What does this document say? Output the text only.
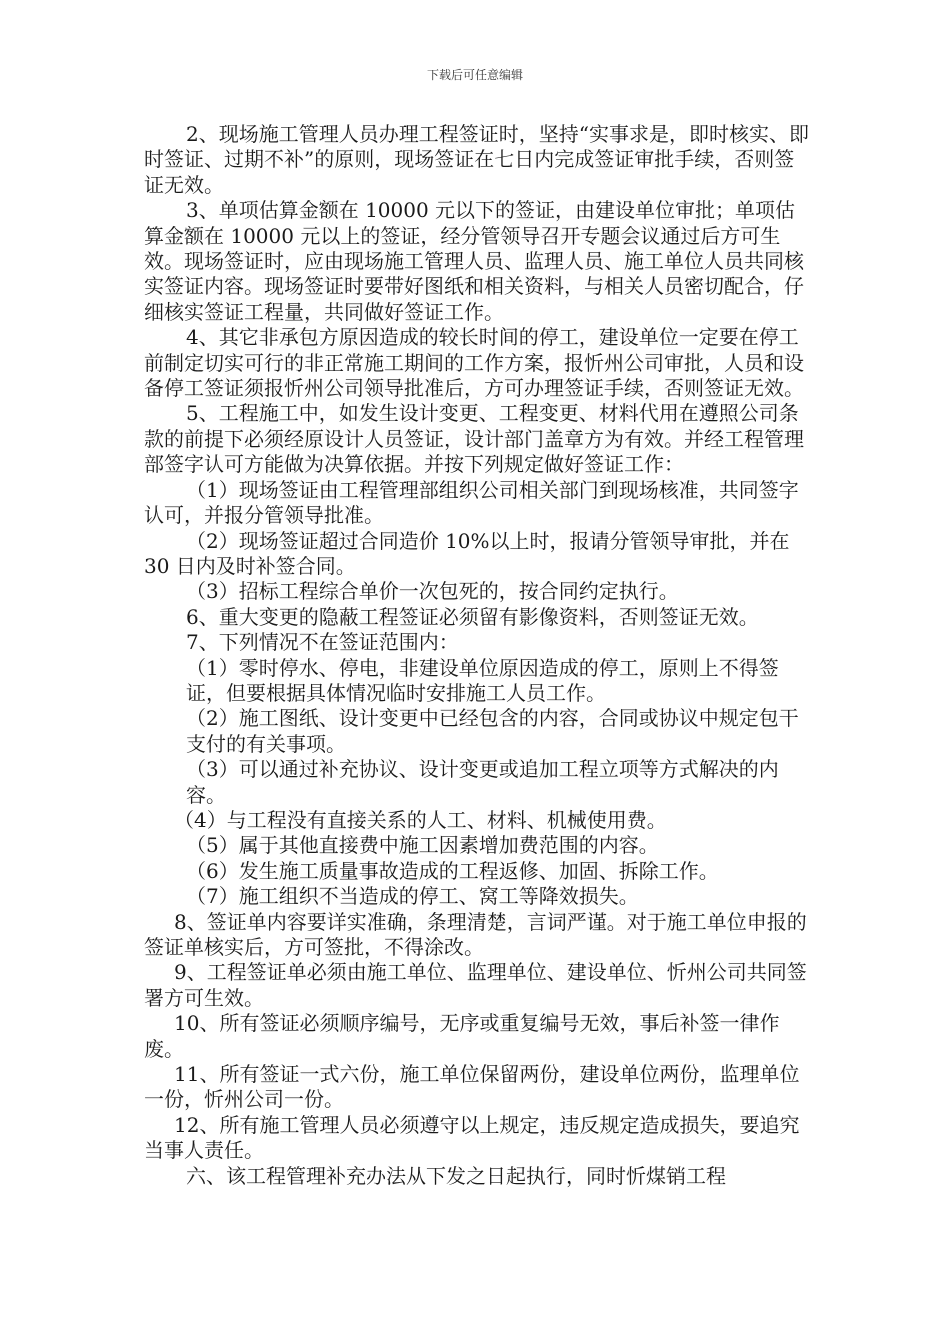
下载后可任意编辑

2、现场施工管理人员办理工程签证时，坚持“实事求是，即时核实、即时签证、过期不补”的原则，现场签证在七日内完成签证审批手续，否则签证无效。

3、单项估算金额在 10000 元以下的签证，由建设单位审批；单项估算金额在 10000 元以上的签证，经分管领导召开专题会议通过后方可生效。现场签证时，应由现场施工管理人员、监理人员、施工单位人员共同核实签证内容。现场签证时要带好图纸和相关资料，与相关人员密切配合，仔细核实签证工程量，共同做好签证工作。

4、其它非承包方原因造成的较长时间的停工，建设单位一定要在停工前制定切实可行的非正常施工期间的工作方案，报忻州公司审批，人员和设备停工签证须报忻州公司领导批准后，方可办理签证手续，否则签证无效。

5、工程施工中，如发生设计变更、工程变更、材料代用在遵照公司条款的前提下必须经原设计人员签证，设计部门盖章方为有效。并经工程管理部签字认可方能做为决算依据。并按下列规定做好签证工作：

（1）现场签证由工程管理部组织公司相关部门到现场核准，共同签字认可，并报分管领导批准。

（2）现场签证超过合同造价 10%以上时，报请分管领导审批，并在 30 日内及时补签合同。

（3）招标工程综合单价一次包死的，按合同约定执行。

6、重大变更的隐蔽工程签证必须留有影像资料，否则签证无效。

7、下列情况不在签证范围内：

（1）零时停水、停电，非建设单位原因造成的停工，原则上不得签证，但要根据具体情况临时安排施工人员工作。

（2）施工图纸、设计变更中已经包含的内容，合同或协议中规定包干支付的有关事项。

（3）可以通过补充协议、设计变更或追加工程立项等方式解决的内容。

（4）与工程没有直接关系的人工、材料、机械使用费。

（5）属于其他直接费中施工因素增加费范围的内容。

（6）发生施工质量事故造成的工程返修、加固、拆除工作。

（7）施工组织不当造成的停工、窝工等降效损失。

8、签证单内容要详实准确，条理清楚，言词严谨。对于施工单位申报的签证单核实后，方可签批，不得涂改。

9、工程签证单必须由施工单位、监理单位、建设单位、忻州公司共同签署方可生效。

10、所有签证必须顺序编号，无序或重复编号无效，事后补签一律作废。

11、所有签证一式六份，施工单位保留两份，建设单位两份，监理单位一份，忻州公司一份。

12、所有施工管理人员必须遵守以上规定，违反规定造成损失，要追究当事人责任。

六、该工程管理补充办法从下发之日起执行，同时忻煤销工程
